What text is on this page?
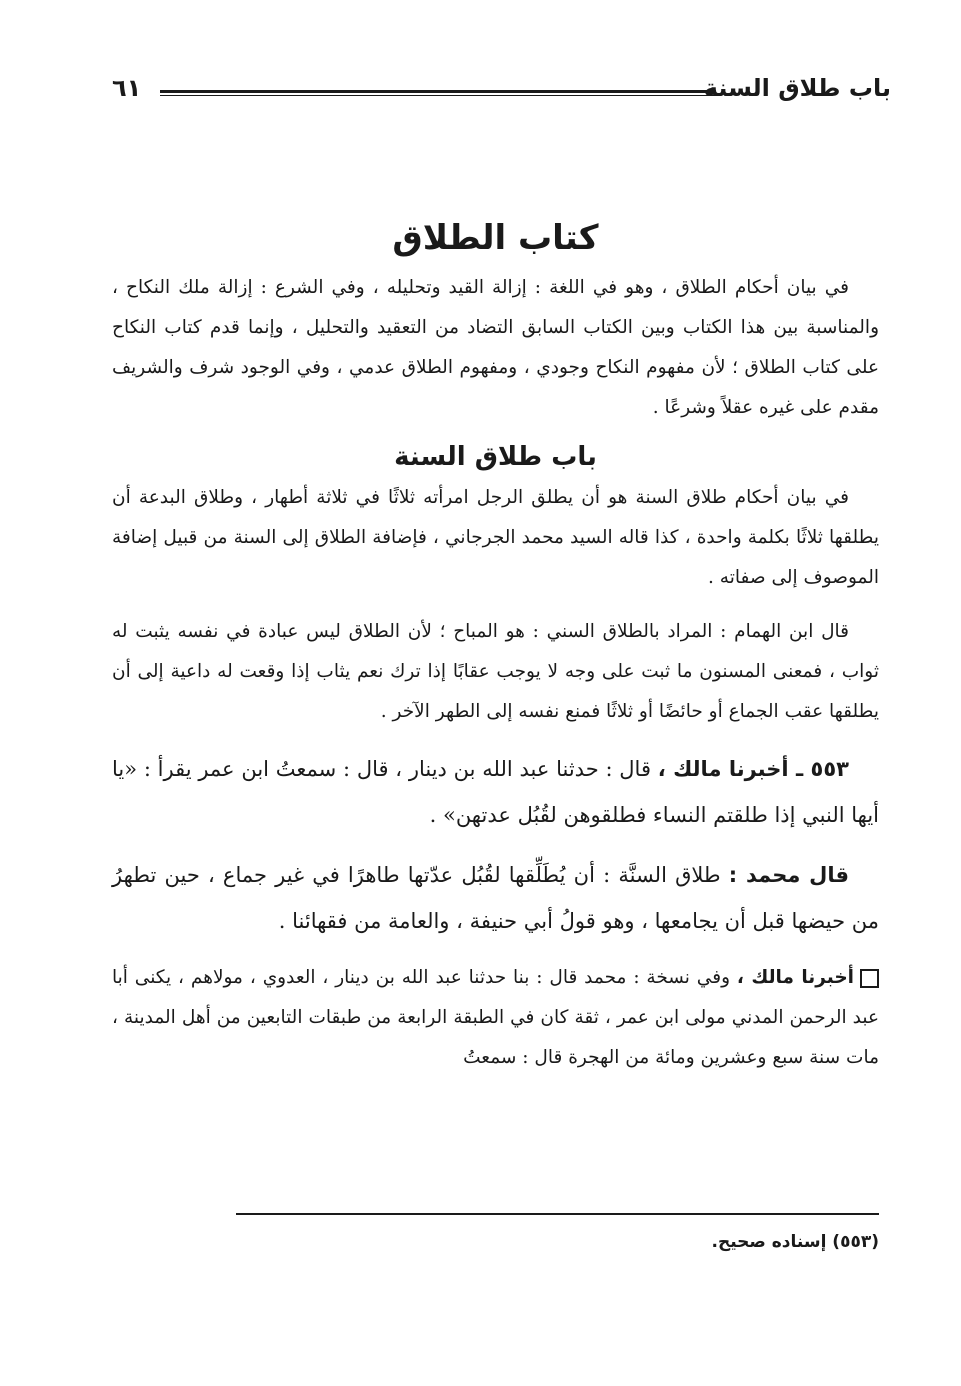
باب طلاق السنة
٦١
كتاب الطلاق

في بيان أحكام الطلاق ، وهو في اللغة : إزالة القيد وتحليله ، وفي الشرع : إزالة ملك النكاح ، والمناسبة بين هذا الكتاب وبين الكتاب السابق التضاد من التعقيد والتحليل ، وإنما قدم كتاب النكاح على كتاب الطلاق ؛ لأن مفهوم النكاح وجودي ، ومفهوم الطلاق عدمي ، وفي الوجود شرف والشريف مقدم على غيره عقلاً وشرعًا .

باب طلاق السنة

في بيان أحكام طلاق السنة هو أن يطلق الرجل امرأته ثلاثًا في ثلاثة أطهار ، وطلاق البدعة أن يطلقها ثلاثًا بكلمة واحدة ، كذا قاله السيد محمد الجرجاني ، فإضافة الطلاق إلى السنة من قبيل إضافة الموصوف إلى صفاته .

قال ابن الهمام : المراد بالطلاق السني : هو المباح ؛ لأن الطلاق ليس عبادة في نفسه يثبت له ثواب ، فمعنى المسنون ما ثبت على وجه لا يوجب عقابًا إذا ترك نعم يثاب إذا وقعت له داعية إلى أن يطلقها عقب الجماع أو حائضًا أو ثلاثًا فمنع نفسه إلى الطهر الآخر .

٥٥٣ ـ أخبرنا مالك ، قال : حدثنا عبد الله بن دينار ، قال : سمعتُ ابن عمر يقرأ : «يا أيها النبي إذا طلقتم النساء فطلقوهن لقُبُل عدتهن» .

قال محمد : طلاق السنَّة : أن يُطَلِّقها لقُبُل عدّتها طاهرًا في غير جماع ، حين تطهرُ من حيضها قبل أن يجامعها ، وهو قولُ أبي حنيفة ، والعامة من فقهائنا .

أخبرنا مالك ، وفي نسخة : محمد قال : بنا حدثنا عبد الله بن دينار ، العدوي ، مولاهم ، يكنى أبا عبد الرحمن المدني مولى ابن عمر ، ثقة كان في الطبقة الرابعة من طبقات التابعين من أهل المدينة ، مات سنة سبع وعشرين ومائة من الهجرة قال : سمعتُ

(٥٥٣) إسناده صحيح.
